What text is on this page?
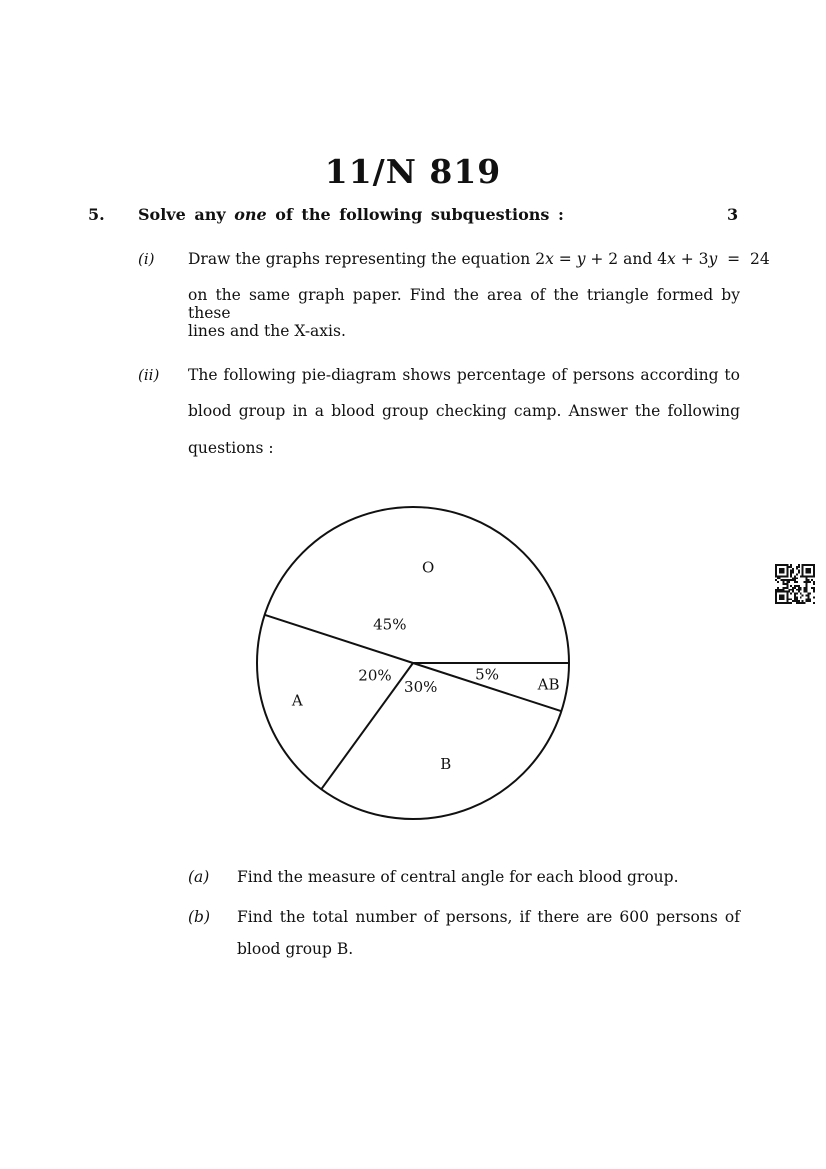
11/N 819
5. Solve any one of the following subquestions :	3
(i) Draw the graphs representing the equation 2x = y + 2 and 4x + 3y  =  24
on the same graph paper. Find the area of the triangle formed by these
lines and the X-axis.
(ii) The following pie-diagram shows percentage of persons according to
blood group in a blood group checking camp. Answer the following
questions :
AB
5%
B
30%
A
20%
O
45%
(a) Find the measure of central angle for each blood group.
(b) Find the total number of persons, if there are 600 persons of
blood group B.
